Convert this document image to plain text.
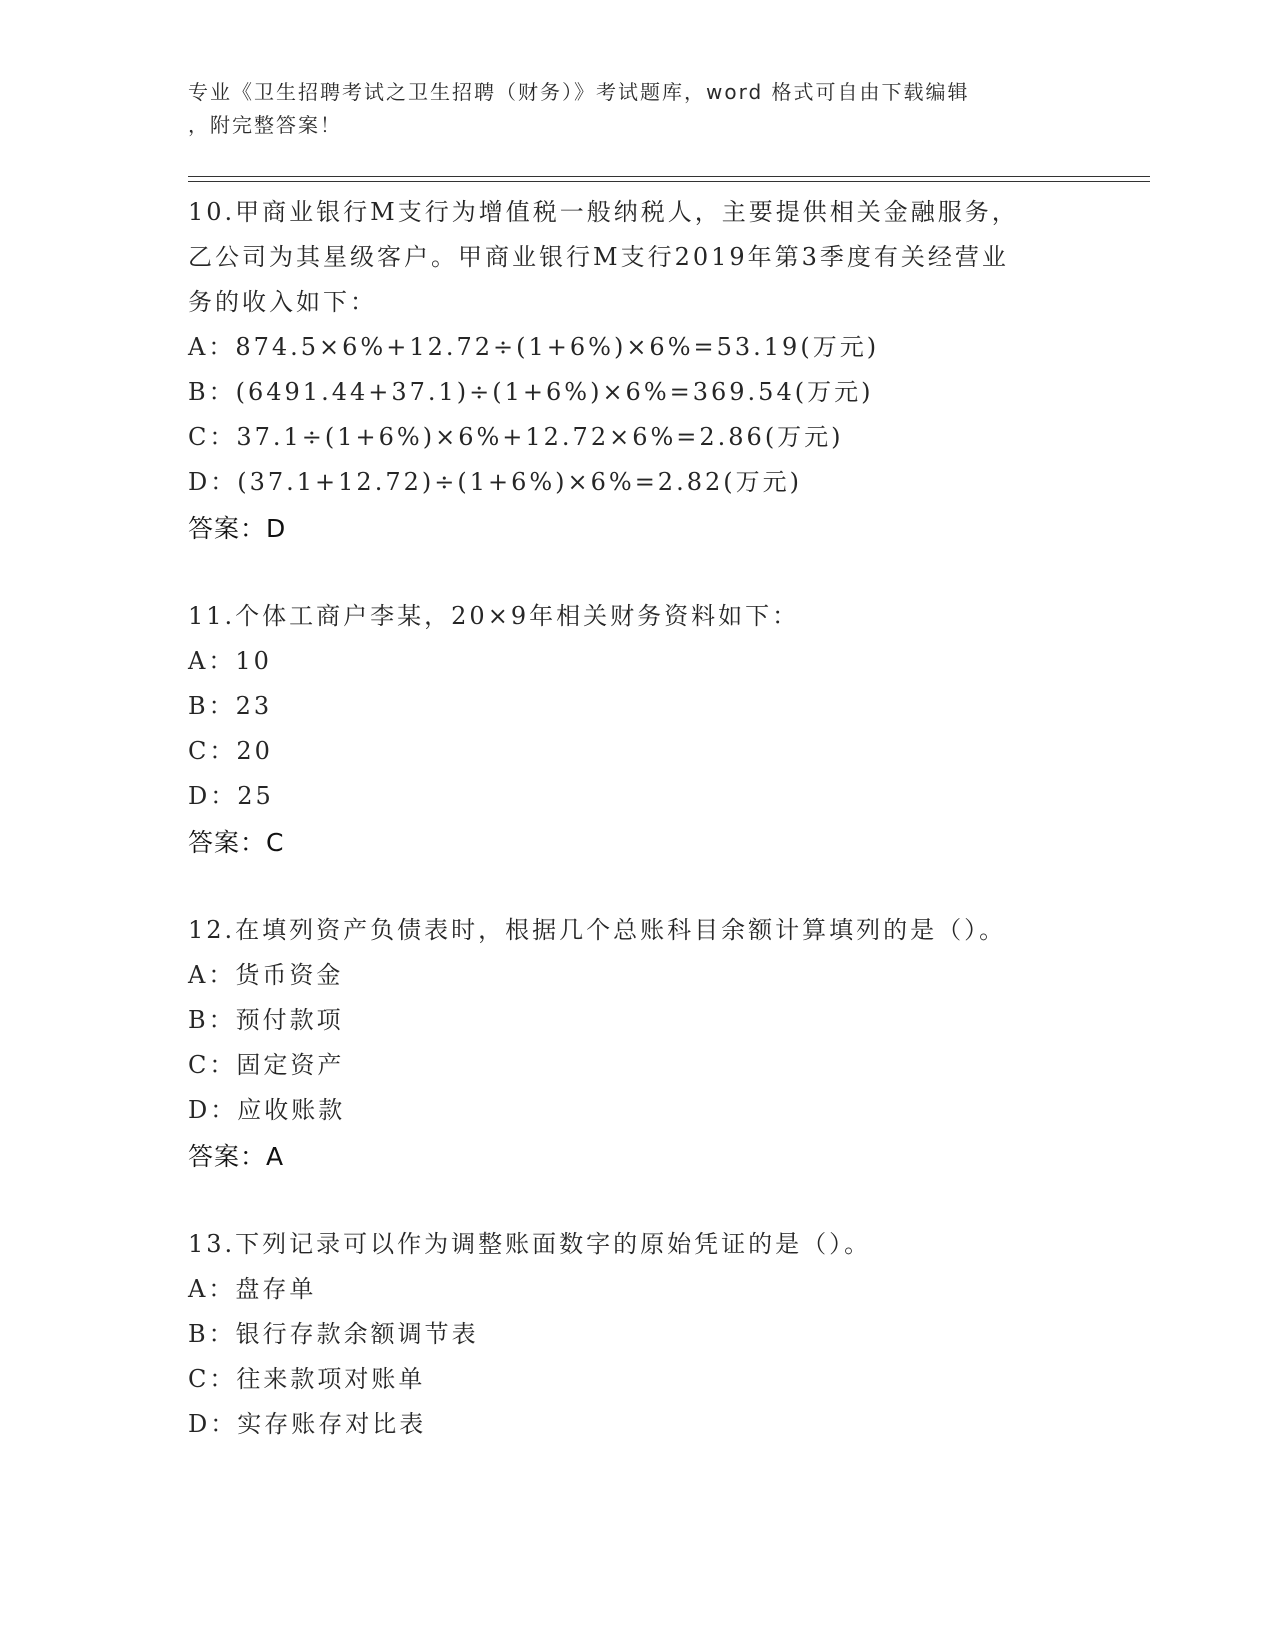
专业《卫生招聘考试之卫生招聘（财务）》考试题库，word 格式可自由下载编辑
，附完整答案！
10.甲商业银行M支行为增值税一般纳税人，主要提供相关金融服务，
乙公司为其星级客户。甲商业银行M支行2019年第3季度有关经营业
务的收入如下：
A：874.5×6%+12.72÷(1+6%)×6%=53.19(万元)
B：(6491.44+37.1)÷(1+6%)×6%=369.54(万元)
C：37.1÷(1+6%)×6%+12.72×6%=2.86(万元)
D：(37.1+12.72)÷(1+6%)×6%=2.82(万元)
答案：D
11.个体工商户李某，20×9年相关财务资料如下：
A：10
B：23
C：20
D：25
答案：C
12.在填列资产负债表时，根据几个总账科目余额计算填列的是（）。
A：货币资金
B：预付款项
C：固定资产
D：应收账款
答案：A
13.下列记录可以作为调整账面数字的原始凭证的是（）。
A：盘存单
B：银行存款余额调节表
C：往来款项对账单
D：实存账存对比表
